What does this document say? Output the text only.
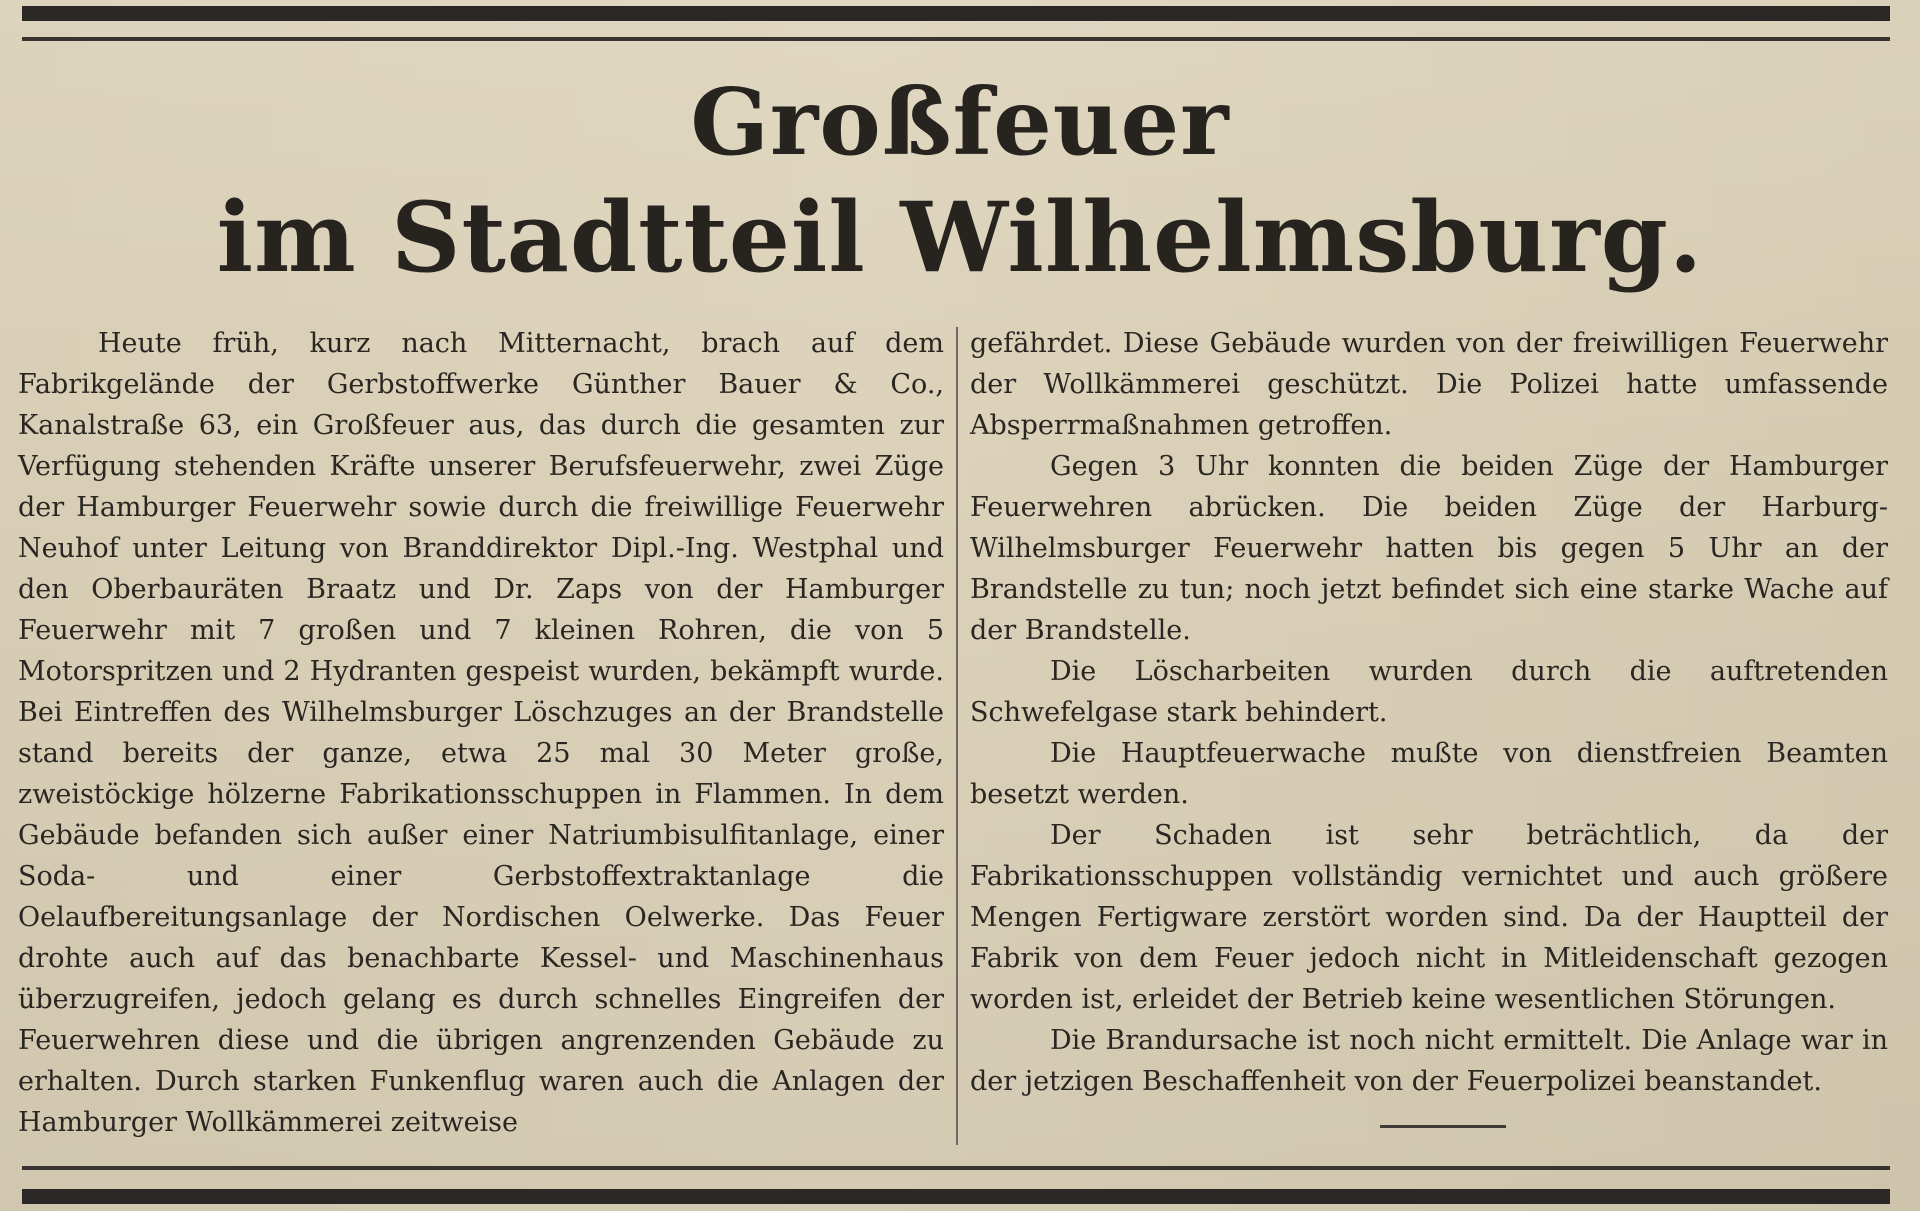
Großfeuer
im Stadtteil Wilhelmsburg.

Heute früh, kurz nach Mitternacht, brach auf dem Fabrikgelände der Gerbstoffwerke Günther Bauer & Co., Kanalstraße 63, ein Großfeuer aus, das durch die gesamten zur Verfügung stehenden Kräfte unserer Berufsfeuerwehr, zwei Züge der Hamburger Feuerwehr sowie durch die freiwillige Feuerwehr Neuhof unter Leitung von Branddirektor Dipl.-Ing. Westphal und den Oberbauräten Braatz und Dr. Zaps von der Hamburger Feuerwehr mit 7 großen und 7 kleinen Rohren, die von 5 Motorspritzen und 2 Hydranten gespeist wurden, bekämpft wurde. Bei Eintreffen des Wilhelmsburger Löschzuges an der Brandstelle stand bereits der ganze, etwa 25 mal 30 Meter große, zweistöckige hölzerne Fabrikationsschuppen in Flammen. In dem Gebäude befanden sich außer einer Natriumbisulfitanlage, einer Soda- und einer Gerbstoffextraktanlage die Oelaufbereitungsanlage der Nordischen Oelwerke. Das Feuer drohte auch auf das benachbarte Kessel- und Maschinenhaus überzugreifen, jedoch gelang es durch schnelles Eingreifen der Feuerwehren diese und die übrigen angrenzenden Gebäude zu erhalten. Durch starken Funkenflug waren auch die Anlagen der Hamburger Wollkämmerei zeitweise

gefährdet. Diese Gebäude wurden von der freiwilligen Feuerwehr der Wollkämmerei geschützt. Die Polizei hatte umfassende Absperrmaßnahmen getroffen.

Gegen 3 Uhr konnten die beiden Züge der Hamburger Feuerwehren abrücken. Die beiden Züge der Harburg-Wilhelmsburger Feuerwehr hatten bis gegen 5 Uhr an der Brandstelle zu tun; noch jetzt befindet sich eine starke Wache auf der Brandstelle.

Die Löscharbeiten wurden durch die auftretenden Schwefelgase stark behindert.

Die Hauptfeuerwache mußte von dienstfreien Beamten besetzt werden.

Der Schaden ist sehr beträchtlich, da der Fabrikationsschuppen vollständig vernichtet und auch größere Mengen Fertigware zerstört worden sind. Da der Hauptteil der Fabrik von dem Feuer jedoch nicht in Mitleidenschaft gezogen worden ist, erleidet der Betrieb keine wesentlichen Störungen.

Die Brandursache ist noch nicht ermittelt. Die Anlage war in der jetzigen Beschaffenheit von der Feuerpolizei beanstandet.
